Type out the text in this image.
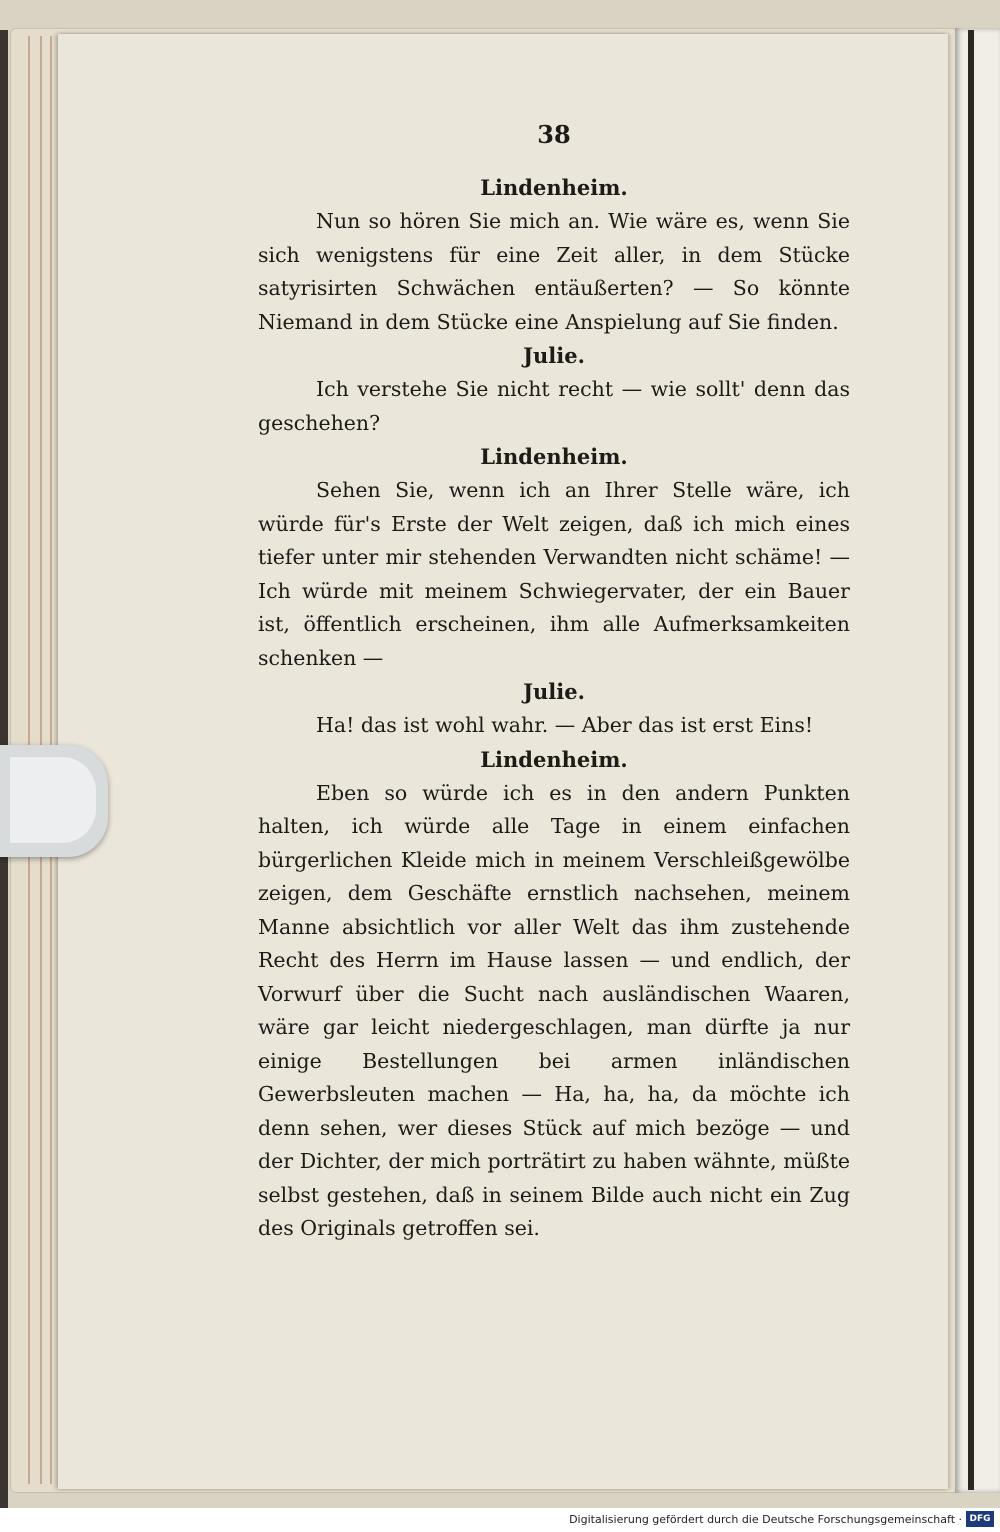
38

Lindenheim.

Nun so hören Sie mich an. Wie wäre es, wenn Sie sich wenigstens für eine Zeit aller, in dem Stücke satyrisirten Schwächen entäußerten? — So könnte Niemand in dem Stücke eine Anspielung auf Sie finden.

Julie.

Ich verstehe Sie nicht recht — wie sollt' denn das geschehen?

Lindenheim.

Sehen Sie, wenn ich an Ihrer Stelle wäre, ich würde für's Erste der Welt zeigen, daß ich mich eines tiefer unter mir stehenden Verwandten nicht schäme! — Ich würde mit meinem Schwiegervater, der ein Bauer ist, öffentlich erscheinen, ihm alle Aufmerksamkeiten schenken —

Julie.

Ha! das ist wohl wahr. — Aber das ist erst Eins!

Lindenheim.

Eben so würde ich es in den andern Punkten halten, ich würde alle Tage in einem einfachen bürgerlichen Kleide mich in meinem Verschleißgewölbe zeigen, dem Geschäfte ernstlich nachsehen, meinem Manne absichtlich vor aller Welt das ihm zustehende Recht des Herrn im Hause lassen — und endlich, der Vorwurf über die Sucht nach ausländischen Waaren, wäre gar leicht niedergeschlagen, man dürfte ja nur einige Bestellungen bei armen inländischen Gewerbsleuten machen — Ha, ha, ha, da möchte ich denn sehen, wer dieses Stück auf mich bezöge — und der Dichter, der mich porträtirt zu haben wähnte, müßte selbst gestehen, daß in seinem Bilde auch nicht ein Zug des Originals getroffen sei.

Digitalisierung gefördert durch die Deutsche Forschungsgemeinschaft · DFG
